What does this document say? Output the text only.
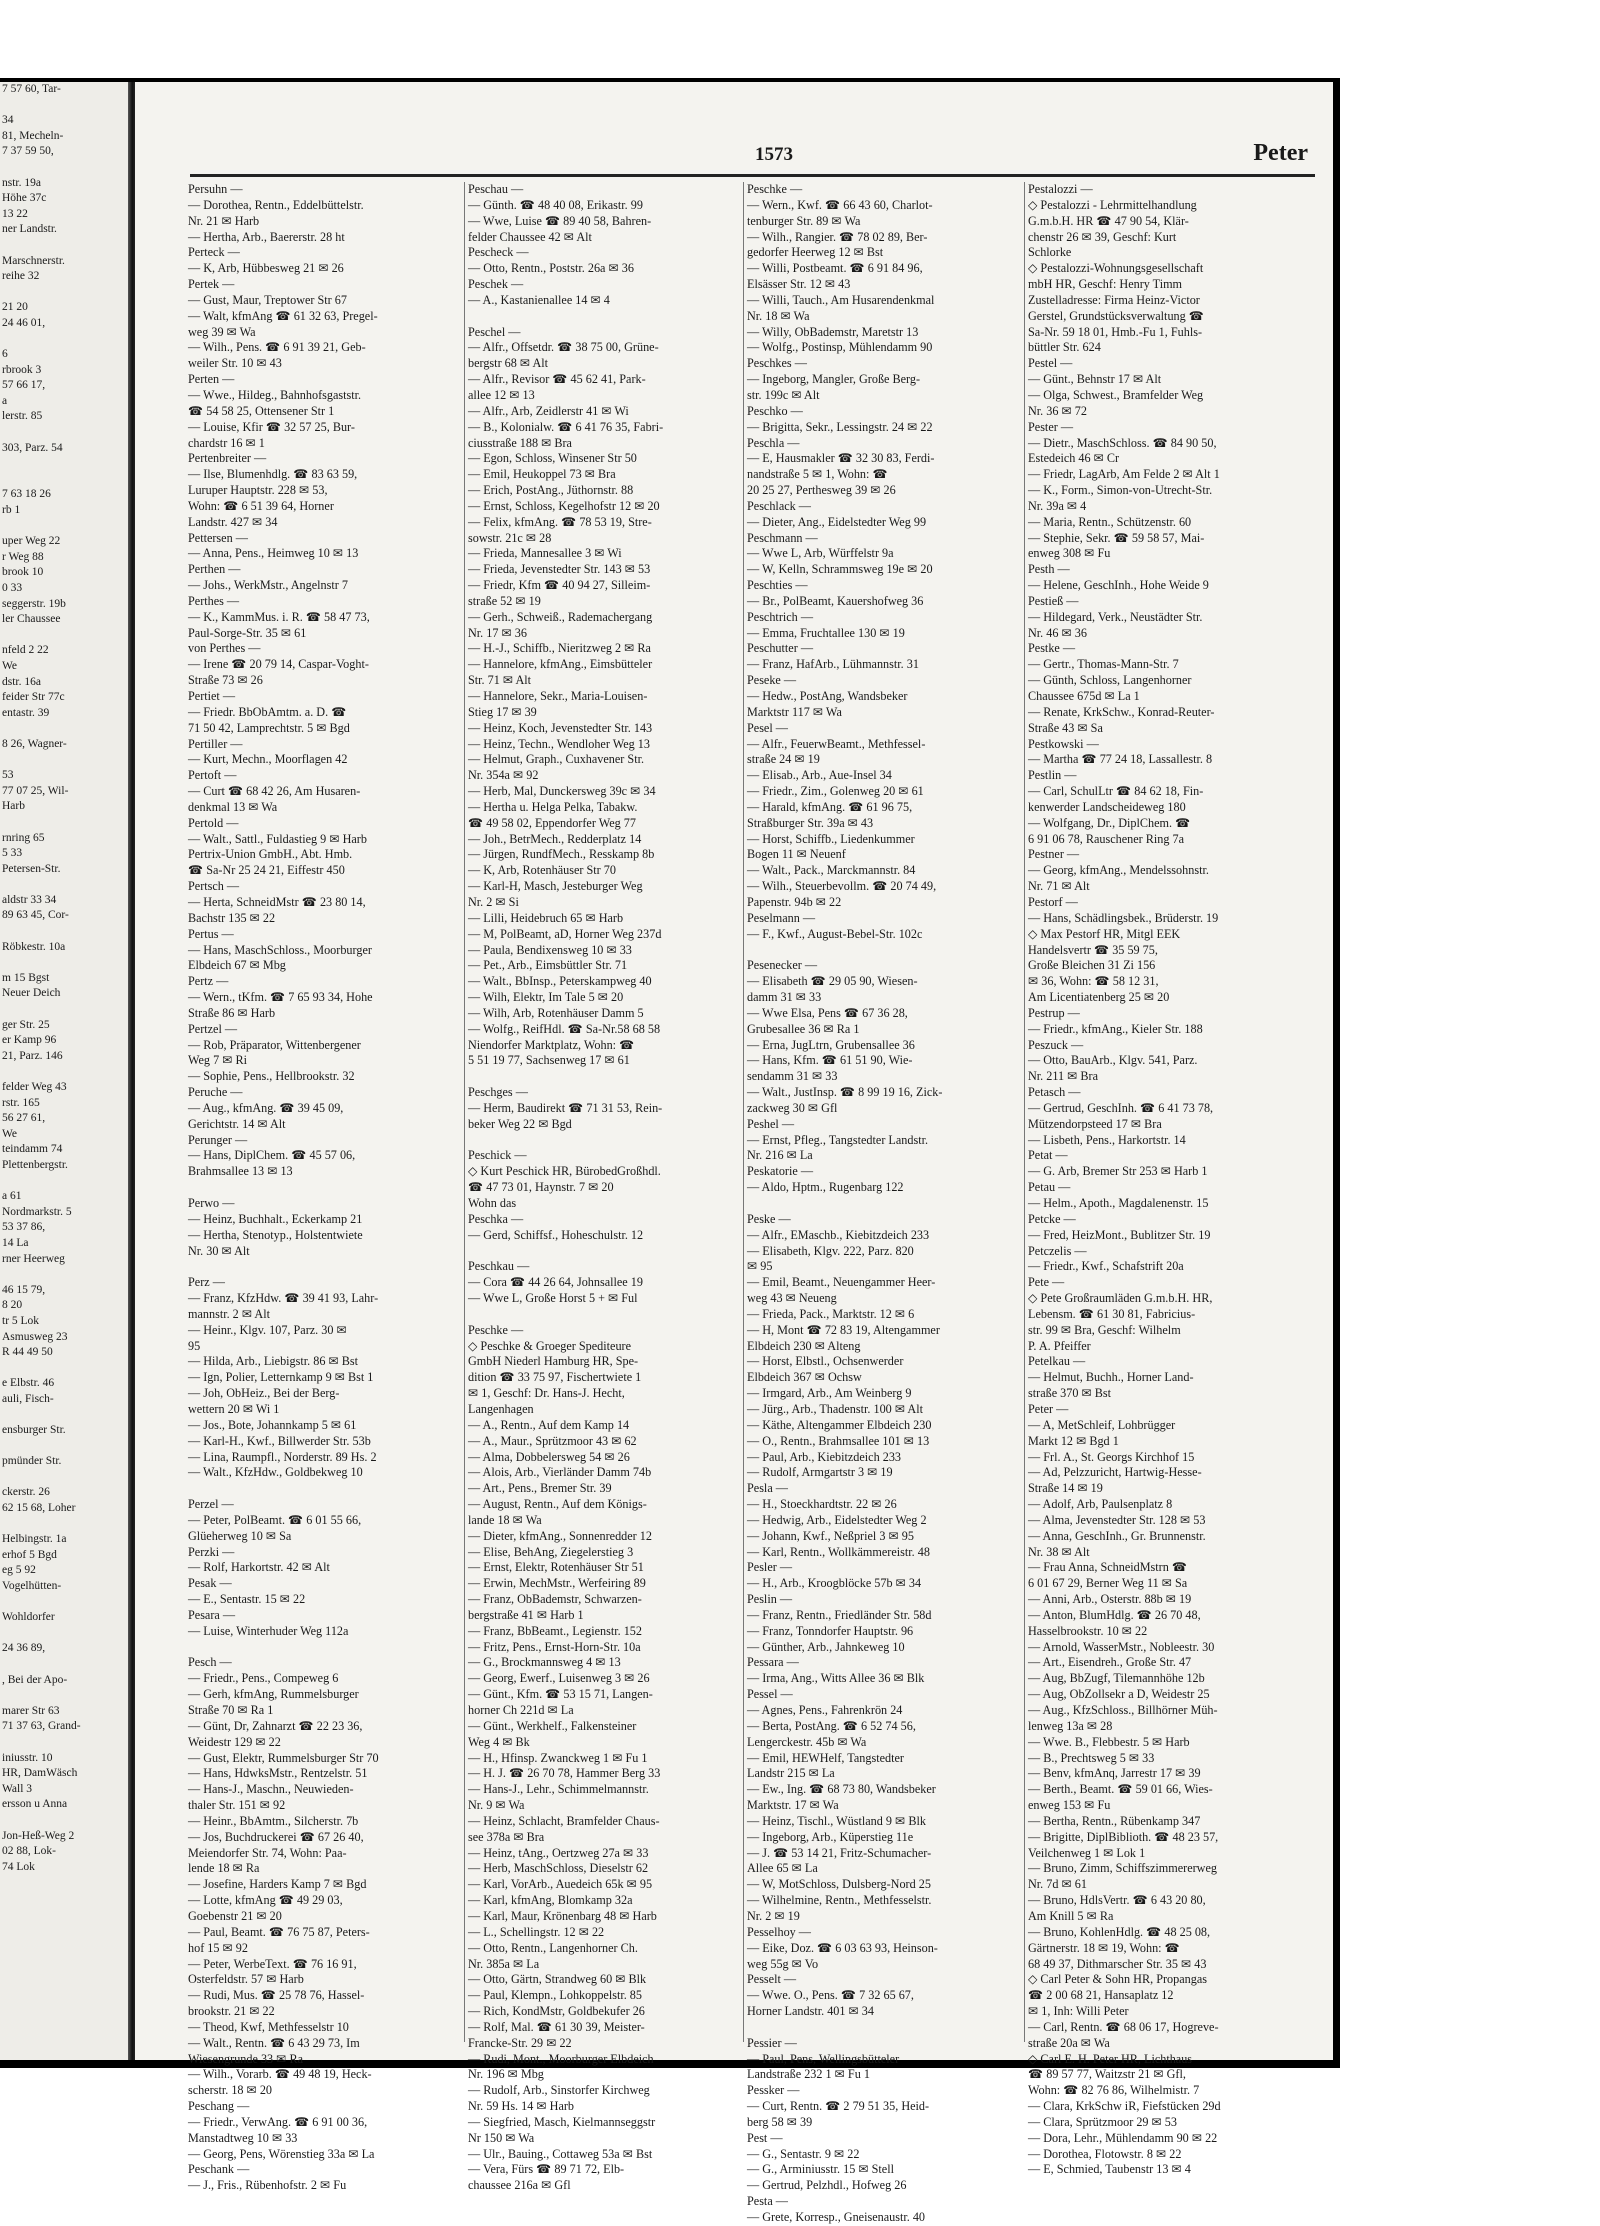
7 57 60, Tar-

34
81, Mecheln-
7 37 59 50,

nstr. 19a
Höhe 37c
13 22
ner Landstr.

Marschnerstr.
reihe 32

21 20
24 46 01,

6
rbrook 3
57 66 17,
a
lerstr. 85

303, Parz. 54

7 63 18 26
rb 1

uper Weg 22
r Weg 88
brook 10
0 33
seggerstr. 19b
ler Chaussee

nfeld 2 22
We
dstr. 16a
feider Str 77c
entastr. 39

8 26, Wagner-

53
77 07 25, Wil-
Harb

rnring 65
5 33
Petersen-Str.

aldstr 33 34
89 63 45, Cor-

Röbkestr. 10a

m 15 Bgst
Neuer Deich

ger Str. 25
er Kamp 96
21, Parz. 146

felder Weg 43
rstr. 165
56 27 61,
We
teindamm 74
Plettenbergstr.

a 61
Nordmarkstr. 5
53 37 86,
14 La
rner Heerweg

46 15 79,
8 20
tr 5 Lok
Asmusweg 23
R 44 49 50

e Elbstr. 46
auli, Fisch-

ensburger Str.

pmünder Str.

ckerstr. 26
62 15 68, Loher

Helbingstr. 1a
erhof 5 Bgd
eg 5 92
Vogelhütten-

Wohldorfer

24 36 89,

, Bei der Apo-

marer Str 63
71 37 63, Grand-

iniusstr. 10
HR, DamWäsch
Wall 3
ersson u Anna

Jon-Heß-Weg 2
02 88, Lok-
74 Lok
1573	Peter
Persuhn —
— Dorothea, Rentn., Eddelbüttelstr.
Nr. 21 ✉ Harb
— Hertha, Arb., Baererstr. 28 ht
Perteck —
— K, Arb, Hübbesweg 21 ✉ 26
Pertek —
— Gust, Maur, Treptower Str 67
— Walt, kfmAng ☎ 61 32 63, Pregel-
weg 39 ✉ Wa
— Wilh., Pens. ☎ 6 91 39 21, Geb-
weiler Str. 10 ✉ 43
Perten —
— Wwe., Hildeg., Bahnhofsgaststr.
☎ 54 58 25, Ottensener Str 1
— Louise, Kfir ☎ 32 57 25, Bur-
chardstr 16 ✉ 1
Pertenbreiter —
— Ilse, Blumenhdlg. ☎ 83 63 59,
Luruper Hauptstr. 228 ✉ 53,
Wohn: ☎ 6 51 39 64, Horner
Landstr. 427 ✉ 34
Pettersen —
— Anna, Pens., Heimweg 10 ✉ 13
Perthen —
— Johs., WerkMstr., Angelnstr 7
Perthes —
— K., KammMus. i. R. ☎ 58 47 73,
Paul-Sorge-Str. 35 ✉ 61
von Perthes —
— Irene ☎ 20 79 14, Caspar-Voght-
Straße 73 ✉ 26
Pertiet —
— Friedr. BbObAmtm. a. D. ☎
71 50 42, Lamprechtstr. 5 ✉ Bgd
Pertiller —
— Kurt, Mechn., Moorflagen 42
Pertoft —
— Curt ☎ 68 42 26, Am Husaren-
denkmal 13 ✉ Wa
Pertold —
— Walt., Sattl., Fuldastieg 9 ✉ Harb
Pertrix-Union GmbH., Abt. Hmb.
☎ Sa-Nr 25 24 21, Eiffestr 450
Pertsch —
— Herta, SchneidMstr ☎ 23 80 14,
Bachstr 135 ✉ 22
Pertus —
— Hans, MaschSchloss., Moorburger
Elbdeich 67 ✉ Mbg
Pertz —
— Wern., tKfm. ☎ 7 65 93 34, Hohe
Straße 86 ✉ Harb
Pertzel —
— Rob, Präparator, Wittenbergener
Weg 7 ✉ Ri
— Sophie, Pens., Hellbrookstr. 32
Peruche —
— Aug., kfmAng. ☎ 39 45 09,
Gerichtstr. 14 ✉ Alt
Perunger —
— Hans, DiplChem. ☎ 45 57 06,
Brahmsallee 13 ✉ 13

Perwo —
— Heinz, Buchhalt., Eckerkamp 21
— Hertha, Stenotyp., Holstentwiete
Nr. 30 ✉ Alt

Perz —
— Franz, KfzHdw. ☎ 39 41 93, Lahr-
mannstr. 2 ✉ Alt
— Heinr., Klgv. 107, Parz. 30 ✉
95
— Hilda, Arb., Liebigstr. 86 ✉ Bst
— Ign, Polier, Letternkamp 9 ✉ Bst 1
— Joh, ObHeiz., Bei der Berg-
wettern 20 ✉ Wi 1
— Jos., Bote, Johannkamp 5 ✉ 61
— Karl-H., Kwf., Billwerder Str. 53b
— Lina, Raumpfl., Norderstr. 89 Hs. 2
— Walt., KfzHdw., Goldbekweg 10

Perzel —
— Peter, PolBeamt. ☎ 6 01 55 66,
Glüeherweg 10 ✉ Sa
Perzki —
— Rolf, Harkortstr. 42 ✉ Alt
Pesak —
— E., Sentastr. 15 ✉ 22
Pesara —
— Luise, Winterhuder Weg 112a

Pesch —
— Friedr., Pens., Compeweg 6
— Gerh, kfmAng, Rummelsburger
Straße 70 ✉ Ra 1
— Günt, Dr, Zahnarzt ☎ 22 23 36,
Weidestr 129 ✉ 22
— Gust, Elektr, Rummelsburger Str 70
— Hans, HdwksMstr., Rentzelstr. 51
— Hans-J., Maschn., Neuwieden-
thaler Str. 151 ✉ 92
— Heinr., BbAmtm., Silcherstr. 7b
— Jos, Buchdruckerei ☎ 67 26 40,
Meiendorfer Str. 74, Wohn: Paa-
lende 18 ✉ Ra
— Josefine, Harders Kamp 7 ✉ Bgd
— Lotte, kfmAng ☎ 49 29 03,
Goebenstr 21 ✉ 20
— Paul, Beamt. ☎ 76 75 87, Peters-
hof 15 ✉ 92
— Peter, WerbeText. ☎ 76 16 91,
Osterfeldstr. 57 ✉ Harb
— Rudi, Mus. ☎ 25 78 76, Hassel-
brookstr. 21 ✉ 22
— Theod, Kwf, Methfesselstr 10
— Walt., Rentn. ☎ 6 43 29 73, Im
Wiesengrunde 33 ✉ Ra
— Wilh., Vorarb. ☎ 49 48 19, Heck-
scherstr. 18 ✉ 20
Peschang —
— Friedr., VerwAng. ☎ 6 91 00 36,
Manstadtweg 10 ✉ 33
— Georg, Pens, Wörenstieg 33a ✉ La
Peschank —
— J., Fris., Rübenhofstr. 2 ✉ Fu
Peschau —
— Günth. ☎ 48 40 08, Erikastr. 99
— Wwe, Luise ☎ 89 40 58, Bahren-
felder Chaussee 42 ✉ Alt
Pescheck —
— Otto, Rentn., Poststr. 26a ✉ 36
Peschek —
— A., Kastanienallee 14 ✉ 4

Peschel —
— Alfr., Offsetdr. ☎ 38 75 00, Grüne-
bergstr 68 ✉ Alt
— Alfr., Revisor ☎ 45 62 41, Park-
allee 12 ✉ 13
— Alfr., Arb, Zeidlerstr 41 ✉ Wi
— B., Kolonialw. ☎ 6 41 76 35, Fabri-
ciusstraße 188 ✉ Bra
— Egon, Schloss, Winsener Str 50
— Emil, Heukoppel 73 ✉ Bra
— Erich, PostAng., Jüthornstr. 88
— Ernst, Schloss, Kegelhofstr 12 ✉ 20
— Felix, kfmAng. ☎ 78 53 19, Stre-
sowstr. 21c ✉ 28
— Frieda, Mannesallee 3 ✉ Wi
— Frieda, Jevenstedter Str. 143 ✉ 53
— Friedr, Kfm ☎ 40 94 27, Silleim-
straße 52 ✉ 19
— Gerh., Schweiß., Rademachergang
Nr. 17 ✉ 36
— H.-J., Schiffb., Nieritzweg 2 ✉ Ra
— Hannelore, kfmAng., Eimsbütteler
Str. 71 ✉ Alt
— Hannelore, Sekr., Maria-Louisen-
Stieg 17 ✉ 39
— Heinz, Koch, Jevenstedter Str. 143
— Heinz, Techn., Wendloher Weg 13
— Helmut, Graph., Cuxhavener Str.
Nr. 354a ✉ 92
— Herb, Mal, Dunckersweg 39c ✉ 34
— Hertha u. Helga Pelka, Tabakw.
☎ 49 58 02, Eppendorfer Weg 77
— Joh., BetrMech., Redderplatz 14
— Jürgen, RundfMech., Resskamp 8b
— K, Arb, Rotenhäuser Str 70
— Karl-H, Masch, Jesteburger Weg
Nr. 2 ✉ Si
— Lilli, Heidebruch 65 ✉ Harb
— M, PolBeamt, aD, Horner Weg 237d
— Paula, Bendixensweg 10 ✉ 33
— Pet., Arb., Eimsbüttler Str. 71
— Walt., BbInsp., Peterskampweg 40
— Wilh, Elektr, Im Tale 5 ✉ 20
— Wilh, Arb, Rotenhäuser Damm 5
— Wolfg., ReifHdl. ☎ Sa-Nr.58 68 58
Niendorfer Marktplatz, Wohn: ☎
5 51 19 77, Sachsenweg 17 ✉ 61

Peschges —
— Herm, Baudirekt ☎ 71 31 53, Rein-
beker Weg 22 ✉ Bgd

Peschick —
◇ Kurt Peschick HR, BürobedGroßhdl.
☎ 47 73 01, Haynstr. 7 ✉ 20
Wohn das
Peschka —
— Gerd, Schiffsf., Hoheschulstr. 12

Peschkau —
— Cora ☎ 44 26 64, Johnsallee 19
— Wwe L, Große Horst 5 + ✉ Ful

Peschke —
◇ Peschke & Groeger Spediteure
GmbH Niederl Hamburg HR, Spe-
dition ☎ 33 75 97, Fischertwiete 1
✉ 1, Geschf: Dr. Hans-J. Hecht,
Langenhagen
— A., Rentn., Auf dem Kamp 14
— A., Maur., Sprützmoor 43 ✉ 62
— Alma, Dobbelersweg 54 ✉ 26
— Alois, Arb., Vierländer Damm 74b
— Art., Pens., Bremer Str. 39
— August, Rentn., Auf dem Königs-
lande 18 ✉ Wa
— Dieter, kfmAng., Sonnenredder 12
— Elise, BehAng, Ziegelerstieg 3
— Ernst, Elektr, Rotenhäuser Str 51
— Erwin, MechMstr., Werfeiring 89
— Franz, ObBademstr, Schwarzen-
bergstraße 41 ✉ Harb 1
— Franz, BbBeamt., Legienstr. 152
— Fritz, Pens., Ernst-Horn-Str. 10a
— G., Brockmannsweg 4 ✉ 13
— Georg, Ewerf., Luisenweg 3 ✉ 26
— Günt., Kfm. ☎ 53 15 71, Langen-
horner Ch 221d ✉ La
— Günt., Werkhelf., Falkensteiner
Weg 4 ✉ Bk
— H., Hfinsp. Zwanckweg 1 ✉ Fu 1
— H. J. ☎ 26 70 78, Hammer Berg 33
— Hans-J., Lehr., Schimmelmannstr.
Nr. 9 ✉ Wa
— Heinz, Schlacht, Bramfelder Chaus-
see 378a ✉ Bra
— Heinz, tAng., Oertzweg 27a ✉ 33
— Herb, MaschSchloss, Dieselstr 62
— Karl, VorArb., Auedeich 65k ✉ 95
— Karl, kfmAng, Blomkamp 32a
— Karl, Maur, Krönenbarg 48 ✉ Harb
— L., Schellingstr. 12 ✉ 22
— Otto, Rentn., Langenhorner Ch.
Nr. 385a ✉ La
— Otto, Gärtn, Strandweg 60 ✉ Blk
— Paul, Klempn., Lohkoppelstr. 85
— Rich, KondMstr, Goldbekufer 26
— Rolf, Mal. ☎ 61 30 39, Meister-
Francke-Str. 29 ✉ 22
— Rudi, Mont., Moorburger Elbdeich
Nr. 196 ✉ Mbg
— Rudolf, Arb., Sinstorfer Kirchweg
Nr. 59 Hs. 14 ✉ Harb
— Siegfried, Masch, Kielmannseggstr
Nr 150 ✉ Wa
— Ulr., Bauing., Cottaweg 53a ✉ Bst
— Vera, Fürs ☎ 89 71 72, Elb-
chaussee 216a ✉ Gfl
Peschke —
— Wern., Kwf. ☎ 66 43 60, Charlot-
tenburger Str. 89 ✉ Wa
— Wilh., Rangier. ☎ 78 02 89, Ber-
gedorfer Heerweg 12 ✉ Bst
— Willi, Postbeamt. ☎ 6 91 84 96,
Elsässer Str. 12 ✉ 43
— Willi, Tauch., Am Husarendenkmal
Nr. 18 ✉ Wa
— Willy, ObBademstr, Maretstr 13
— Wolfg., Postinsp, Mühlendamm 90
Peschkes —
— Ingeborg, Mangler, Große Berg-
str. 199c ✉ Alt
Peschko —
— Brigitta, Sekr., Lessingstr. 24 ✉ 22
Peschla —
— E, Hausmakler ☎ 32 30 83, Ferdi-
nandstraße 5 ✉ 1, Wohn: ☎
20 25 27, Perthesweg 39 ✉ 26
Peschlack —
— Dieter, Ang., Eidelstedter Weg 99
Peschmann —
— Wwe L, Arb, Würffelstr 9a
— W, Kelln, Schrammsweg 19e ✉ 20
Peschties —
— Br., PolBeamt, Kauershofweg 36
Peschtrich —
— Emma, Fruchtallee 130 ✉ 19
Peschutter —
— Franz, HafArb., Lühmannstr. 31
Peseke —
— Hedw., PostAng, Wandsbeker
Marktstr 117 ✉ Wa
Pesel —
— Alfr., FeuerwBeamt., Methfessel-
straße 24 ✉ 19
— Elisab., Arb., Aue-Insel 34
— Friedr., Zim., Golenweg 20 ✉ 61
— Harald, kfmAng. ☎ 61 96 75,
Straßburger Str. 39a ✉ 43
— Horst, Schiffb., Liedenkummer
Bogen 11 ✉ Neuenf
— Walt., Pack., Marckmannstr. 84
— Wilh., Steuerbevollm. ☎ 20 74 49,
Papenstr. 94b ✉ 22
Peselmann —
— F., Kwf., August-Bebel-Str. 102c

Pesenecker —
— Elisabeth ☎ 29 05 90, Wiesen-
damm 31 ✉ 33
— Wwe Elsa, Pens ☎ 67 36 28,
Grubesallee 36 ✉ Ra 1
— Erna, JugLtrn, Grubensallee 36
— Hans, Kfm. ☎ 61 51 90, Wie-
sendamm 31 ✉ 33
— Walt., JustInsp. ☎ 8 99 19 16, Zick-
zackweg 30 ✉ Gfl
Peshel —
— Ernst, Pfleg., Tangstedter Landstr.
Nr. 216 ✉ La
Peskatorie —
— Aldo, Hptm., Rugenbarg 122

Peske —
— Alfr., EMaschb., Kiebitzdeich 233
— Elisabeth, Klgv. 222, Parz. 820
✉ 95
— Emil, Beamt., Neuengammer Heer-
weg 43 ✉ Neueng
— Frieda, Pack., Marktstr. 12 ✉ 6
— H, Mont ☎ 72 83 19, Altengammer
Elbdeich 230 ✉ Alteng
— Horst, Elbstl., Ochsenwerder
Elbdeich 367 ✉ Ochsw
— Irmgard, Arb., Am Weinberg 9
— Jürg., Arb., Thadenstr. 100 ✉ Alt
— Käthe, Altengammer Elbdeich 230
— O., Rentn., Brahmsallee 101 ✉ 13
— Paul, Arb., Kiebitzdeich 233
— Rudolf, Armgartstr 3 ✉ 19
Pesla —
— H., Stoeckhardtstr. 22 ✉ 26
— Hedwig, Arb., Eidelstedter Weg 2
— Johann, Kwf., Neßpriel 3 ✉ 95
— Karl, Rentn., Wollkämmereistr. 48
Pesler —
— H., Arb., Kroogblöcke 57b ✉ 34
Peslin —
— Franz, Rentn., Friedländer Str. 58d
— Franz, Tonndorfer Hauptstr. 96
— Günther, Arb., Jahnkeweg 10
Pessara —
— Irma, Ang., Witts Allee 36 ✉ Blk
Pessel —
— Agnes, Pens., Fahrenkrön 24
— Berta, PostAng. ☎ 6 52 74 56,
Lengerckestr. 45b ✉ Wa
— Emil, HEWHelf, Tangstedter
Landstr 215 ✉ La
— Ew., Ing. ☎ 68 73 80, Wandsbeker
Marktstr. 17 ✉ Wa
— Heinz, Tischl., Wüstland 9 ✉ Blk
— Ingeborg, Arb., Küperstieg 11e
— J. ☎ 53 14 21, Fritz-Schumacher-
Allee 65 ✉ La
— W, MotSchloss, Dulsberg-Nord 25
— Wilhelmine, Rentn., Methfesselstr.
Nr. 2 ✉ 19
Pesselhoy —
— Eike, Doz. ☎ 6 03 63 93, Heinson-
weg 55g ✉ Vo
Pesselt —
— Wwe. O., Pens. ☎ 7 32 65 67,
Horner Landstr. 401 ✉ 34

Pessier —
— Paul, Pens, Wellingsbütteler
Landstraße 232 1 ✉ Fu 1
Pessker —
— Curt, Rentn. ☎ 2 79 51 35, Heid-
berg 58 ✉ 39
Pest —
— G., Sentastr. 9 ✉ 22
— G., Arminiusstr. 15 ✉ Stell
— Gertrud, Pelzhdl., Hofweg 26
Pesta —
— Grete, Korresp., Gneisenaustr. 40
Pestalozzi —
◇ Pestalozzi - Lehrmittelhandlung
G.m.b.H. HR ☎ 47 90 54, Klär-
chenstr 26 ✉ 39, Geschf: Kurt
Schlorke
◇ Pestalozzi-Wohnungsgesellschaft
mbH HR, Geschf: Henry Timm
Zustelladresse: Firma Heinz-Victor
Gerstel, Grundstücksverwaltung ☎
Sa-Nr. 59 18 01, Hmb.-Fu 1, Fuhls-
büttler Str. 624
Pestel —
— Günt., Behnstr 17 ✉ Alt
— Olga, Schwest., Bramfelder Weg
Nr. 36 ✉ 72
Pester —
— Dietr., MaschSchloss. ☎ 84 90 50,
Estedeich 46 ✉ Cr
— Friedr, LagArb, Am Felde 2 ✉ Alt 1
— K., Form., Simon-von-Utrecht-Str.
Nr. 39a ✉ 4
— Maria, Rentn., Schützenstr. 60
— Stephie, Sekr. ☎ 59 58 57, Mai-
enweg 308 ✉ Fu
Pesth —
— Helene, GeschInh., Hohe Weide 9
Pestieß —
— Hildegard, Verk., Neustädter Str.
Nr. 46 ✉ 36
Pestke —
— Gertr., Thomas-Mann-Str. 7
— Günth, Schloss, Langenhorner
Chaussee 675d ✉ La 1
— Renate, KrkSchw., Konrad-Reuter-
Straße 43 ✉ Sa
Pestkowski —
— Martha ☎ 77 24 18, Lassallestr. 8
Pestlin —
— Carl, SchulLtr ☎ 84 62 18, Fin-
kenwerder Landscheideweg 180
— Wolfgang, Dr., DiplChem. ☎
6 91 06 78, Rauschener Ring 7a
Pestner —
— Georg, kfmAng., Mendelssohnstr.
Nr. 71 ✉ Alt
Pestorf —
— Hans, Schädlingsbek., Brüderstr. 19
◇ Max Pestorf HR, Mitgl EEK
Handelsvertr ☎ 35 59 75,
Große Bleichen 31 Zi 156
✉ 36, Wohn: ☎ 58 12 31,
Am Licentiatenberg 25 ✉ 20
Pestrup —
— Friedr., kfmAng., Kieler Str. 188
Peszuck —
— Otto, BauArb., Klgv. 541, Parz.
Nr. 211 ✉ Bra
Petasch —
— Gertrud, GeschInh. ☎ 6 41 73 78,
Mützendorpsteed 17 ✉ Bra
— Lisbeth, Pens., Harkortstr. 14
Petat —
— G. Arb, Bremer Str 253 ✉ Harb 1
Petau —
— Helm., Apoth., Magdalenenstr. 15
Petcke —
— Fred, HeizMont., Bublitzer Str. 19
Petczelis —
— Friedr., Kwf., Schafstrift 20a
Pete —
◇ Pete Großraumläden G.m.b.H. HR,
Lebensm. ☎ 61 30 81, Fabricius-
str. 99 ✉ Bra, Geschf: Wilhelm
P. A. Pfeiffer
Petelkau —
— Helmut, Buchh., Horner Land-
straße 370 ✉ Bst
Peter —
— A, MetSchleif, Lohbrügger
Markt 12 ✉ Bgd 1
— Frl. A., St. Georgs Kirchhof 15
— Ad, Pelzzuricht, Hartwig-Hesse-
Straße 14 ✉ 19
— Adolf, Arb, Paulsenplatz 8
— Alma, Jevenstedter Str. 128 ✉ 53
— Anna, GeschInh., Gr. Brunnenstr.
Nr. 38 ✉ Alt
— Frau Anna, SchneidMstrn ☎
6 01 67 29, Berner Weg 11 ✉ Sa
— Anni, Arb., Osterstr. 88b ✉ 19
— Anton, BlumHdlg. ☎ 26 70 48,
Hasselbrookstr. 10 ✉ 22
— Arnold, WasserMstr., Nobleestr. 30
— Art., Eisendreh., Große Str. 47
— Aug, BbZugf, Tilemannhöhe 12b
— Aug, ObZollsekr a D, Weidestr 25
— Aug., KfzSchloss., Billhörner Müh-
lenweg 13a ✉ 28
— Wwe. B., Flebbestr. 5 ✉ Harb
— B., Prechtsweg 5 ✉ 33
— Benv, kfmAnq, Jarrestr 17 ✉ 39
— Berth., Beamt. ☎ 59 01 66, Wies-
enweg 153 ✉ Fu
— Bertha, Rentn., Rübenkamp 347
— Brigitte, DiplBiblioth. ☎ 48 23 57,
Veilchenweg 1 ✉ Lok 1
— Bruno, Zimm, Schiffszimmererweg
Nr. 7d ✉ 61
— Bruno, HdlsVertr. ☎ 6 43 20 80,
Am Knill 5 ✉ Ra
— Bruno, KohlenHdlg. ☎ 48 25 08,
Gärtnerstr. 18 ✉ 19, Wohn: ☎
68 49 37, Dithmarscher Str. 35 ✉ 43
◇ Carl Peter & Sohn HR, Propangas
☎ 2 00 68 21, Hansaplatz 12
✉ 1, Inh: Willi Peter
— Carl, Rentn. ☎ 68 06 17, Hogreve-
straße 20a ✉ Wa
◇ Carl E. H. Peter HR, Lichthaus
☎ 89 57 77, Waitzstr 21 ✉ Gfl,
Wohn: ☎ 82 76 86, Wilhelmistr. 7
— Clara, KrkSchw iR, Fiefstücken 29d
— Clara, Sprützmoor 29 ✉ 53
— Dora, Lehr., Mühlendamm 90 ✉ 22
— Dorothea, Flotowstr. 8 ✉ 22
— E, Schmied, Taubenstr 13 ✉ 4
